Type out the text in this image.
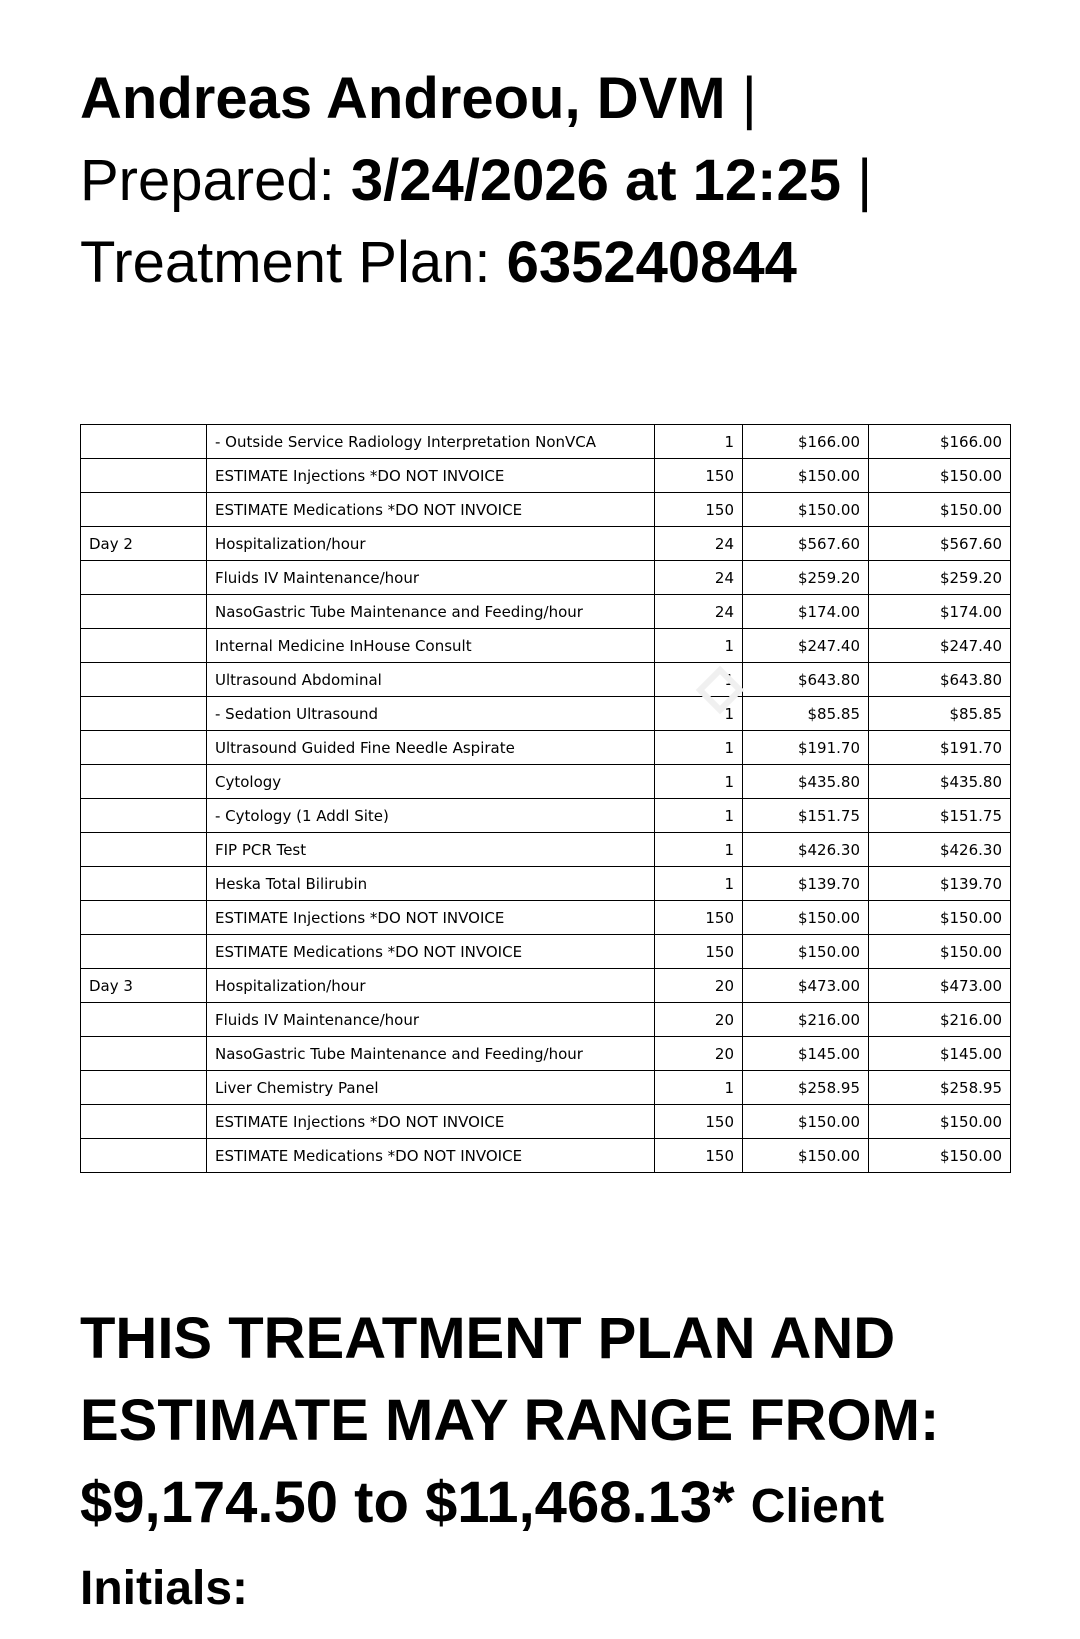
Andreas Andreou, DVM |
Prepared: 3/24/2026 at 12:25 |
Treatment Plan: 635240844
	- Outside Service Radiology Interpretation NonVCA	1	$166.00	$166.00
	ESTIMATE Injections *DO NOT INVOICE	150	$150.00	$150.00
	ESTIMATE Medications *DO NOT INVOICE	150	$150.00	$150.00
Day 2	Hospitalization/hour	24	$567.60	$567.60
	Fluids IV Maintenance/hour	24	$259.20	$259.20
	NasoGastric Tube Maintenance and Feeding/hour	24	$174.00	$174.00
	Internal Medicine InHouse Consult	1	$247.40	$247.40
	Ultrasound Abdominal	1	$643.80	$643.80
	- Sedation Ultrasound	1	$85.85	$85.85
	Ultrasound Guided Fine Needle Aspirate	1	$191.70	$191.70
	Cytology	1	$435.80	$435.80
	- Cytology (1 Addl Site)	1	$151.75	$151.75
	FIP PCR Test	1	$426.30	$426.30
	Heska Total Bilirubin	1	$139.70	$139.70
	ESTIMATE Injections *DO NOT INVOICE	150	$150.00	$150.00
	ESTIMATE Medications *DO NOT INVOICE	150	$150.00	$150.00
Day 3	Hospitalization/hour	20	$473.00	$473.00
	Fluids IV Maintenance/hour	20	$216.00	$216.00
	NasoGastric Tube Maintenance and Feeding/hour	20	$145.00	$145.00
	Liver Chemistry Panel	1	$258.95	$258.95
	ESTIMATE Injections *DO NOT INVOICE	150	$150.00	$150.00
	ESTIMATE Medications *DO NOT INVOICE	150	$150.00	$150.00
THIS TREATMENT PLAN AND
ESTIMATE MAY RANGE FROM:
$9,174.50 to $11,468.13* Client
Initials:
